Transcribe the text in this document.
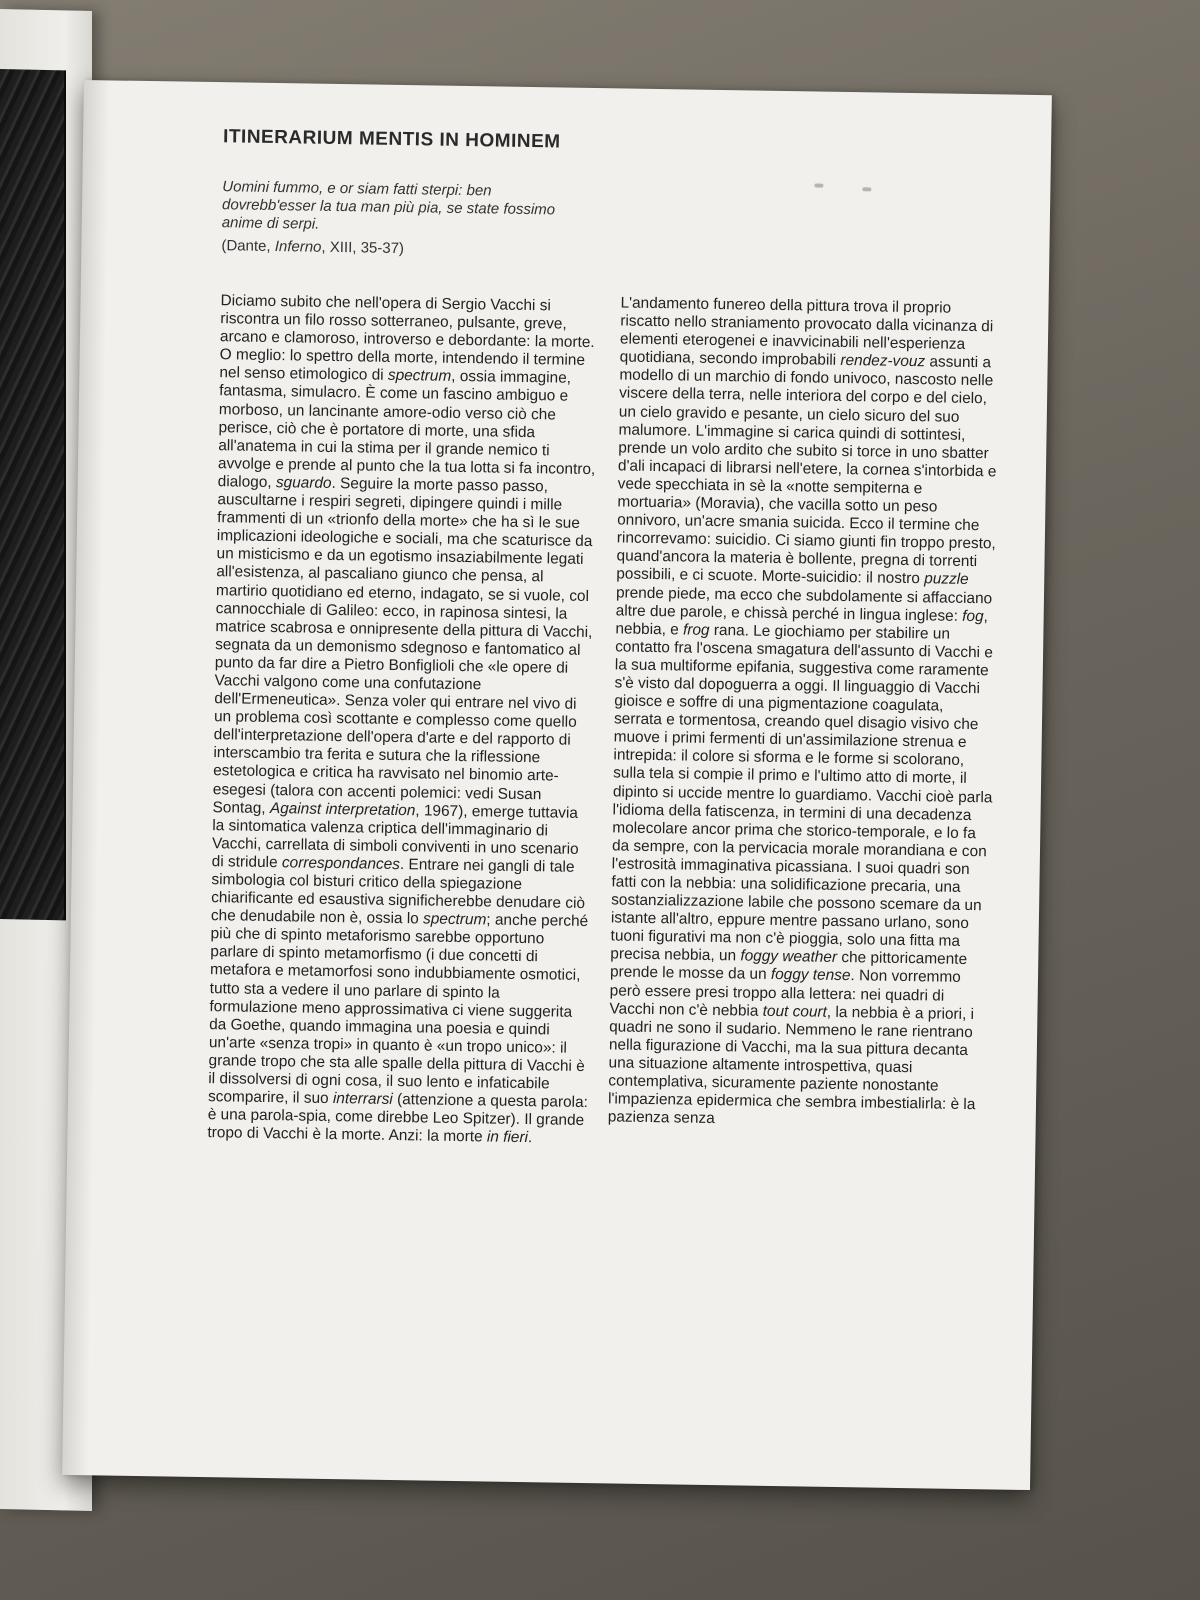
ITINERARIUM MENTIS IN HOMINEM
Uomini fummo, e or siam fatti sterpi: ben dovrebb'esser la tua man più pia, se state fossimo anime di serpi.
(Dante, Inferno, XIII, 35-37)

Diciamo subito che nell'opera di Sergio Vacchi si riscontra un filo rosso sotterraneo, pulsante, greve, arcano e clamoroso, introverso e debordante: la morte. O meglio: lo spettro della morte, intendendo il termine nel senso etimologico di spectrum, ossia immagine, fantasma, simulacro. È come un fascino ambiguo e morboso, un lancinante amore-odio verso ciò che perisce, ciò che è portatore di morte, una sfida all'anatema in cui la stima per il grande nemico ti avvolge e prende al punto che la tua lotta si fa incontro, dialogo, sguardo. Seguire la morte passo passo, auscultarne i respiri segreti, dipingere quindi i mille frammenti di un «trionfo della morte» che ha sì le sue implicazioni ideologiche e sociali, ma che scaturisce da un misticismo e da un egotismo insaziabilmente legati all'esistenza, al pascaliano giunco che pensa, al martirio quotidiano ed eterno, indagato, se si vuole, col cannocchiale di Galileo: ecco, in rapinosa sintesi, la matrice scabrosa e onnipresente della pittura di Vacchi, segnata da un demonismo sdegnoso e fantomatico al punto da far dire a Pietro Bonfiglioli che «le opere di Vacchi valgono come una confutazione dell'Ermeneutica». Senza voler qui entrare nel vivo di un problema così scottante e complesso come quello dell'interpretazione dell'opera d'arte e del rapporto di interscambio tra ferita e sutura che la riflessione estetologica e critica ha ravvisato nel binomio arte-esegesi (talora con accenti polemici: vedi Susan Sontag, Against interpretation, 1967), emerge tuttavia la sintomatica valenza criptica dell'immaginario di Vacchi, carrellata di simboli conviventi in uno scenario di stridule correspondances. Entrare nei gangli di tale simbologia col bisturi critico della spiegazione chiarificante ed esaustiva significherebbe denudare ciò che denudabile non è, ossia lo spectrum; anche perché più che di spinto metaforismo sarebbe opportuno parlare di spinto metamorfismo (i due concetti di metafora e metamorfosi sono indubbiamente osmotici, tutto sta a vedere il uno parlare di spinto la formulazione meno approssimativa ci viene suggerita da Goethe, quando immagina una poesia e quindi un'arte «senza tropi» in quanto è «un tropo unico»: il grande tropo che sta alle spalle della pittura di Vacchi è il dissolversi di ogni cosa, il suo lento e infaticabile scomparire, il suo interrarsi (attenzione a questa parola: è una parola-spia, come direbbe Leo Spitzer). Il grande tropo di Vacchi è la morte. Anzi: la morte in fieri.

L'andamento funereo della pittura trova il proprio riscatto nello straniamento provocato dalla vicinanza di elementi eterogenei e inavvicinabili nell'esperienza quotidiana, secondo improbabili rendez-vouz assunti a modello di un marchio di fondo univoco, nascosto nelle viscere della terra, nelle interiora del corpo e del cielo, un cielo gravido e pesante, un cielo sicuro del suo malumore. L'immagine si carica quindi di sottintesi, prende un volo ardito che subito si torce in uno sbatter d'ali incapaci di librarsi nell'etere, la cornea s'intorbida e vede specchiata in sè la «notte sempiterna e mortuaria» (Moravia), che vacilla sotto un peso onnivoro, un'acre smania suicida. Ecco il termine che rincorrevamo: suicidio. Ci siamo giunti fin troppo presto, quand'ancora la materia è bollente, pregna di torrenti possibili, e ci scuote. Morte-suicidio: il nostro puzzle prende piede, ma ecco che subdolamente si affacciano altre due parole, e chissà perché in lingua inglese: fog, nebbia, e frog rana. Le giochiamo per stabilire un contatto fra l'oscena smagatura dell'assunto di Vacchi e la sua multiforme epifania, suggestiva come raramente s'è visto dal dopoguerra a oggi. Il linguaggio di Vacchi gioisce e soffre di una pigmentazione coagulata, serrata e tormentosa, creando quel disagio visivo che muove i primi fermenti di un'assimilazione strenua e intrepida: il colore si sforma e le forme si scolorano, sulla tela si compie il primo e l'ultimo atto di morte, il dipinto si uccide mentre lo guardiamo. Vacchi cioè parla l'idioma della fatiscenza, in termini di una decadenza molecolare ancor prima che storico-temporale, e lo fa da sempre, con la pervicacia morale morandiana e con l'estrosità immaginativa picassiana. I suoi quadri son fatti con la nebbia: una solidificazione precaria, una sostanzializzazione labile che possono scemare da un istante all'altro, eppure mentre passano urlano, sono tuoni figurativi ma non c'è pioggia, solo una fitta ma precisa nebbia, un foggy weather che pittoricamente prende le mosse da un foggy tense. Non vorremmo però essere presi troppo alla lettera: nei quadri di Vacchi non c'è nebbia tout court, la nebbia è a priori, i quadri ne sono il sudario. Nemmeno le rane rientrano nella figurazione di Vacchi, ma la sua pittura decanta una situazione altamente introspettiva, quasi contemplativa, sicuramente paziente nonostante l'impazienza epidermica che sembra imbestialirla: è la pazienza senza
